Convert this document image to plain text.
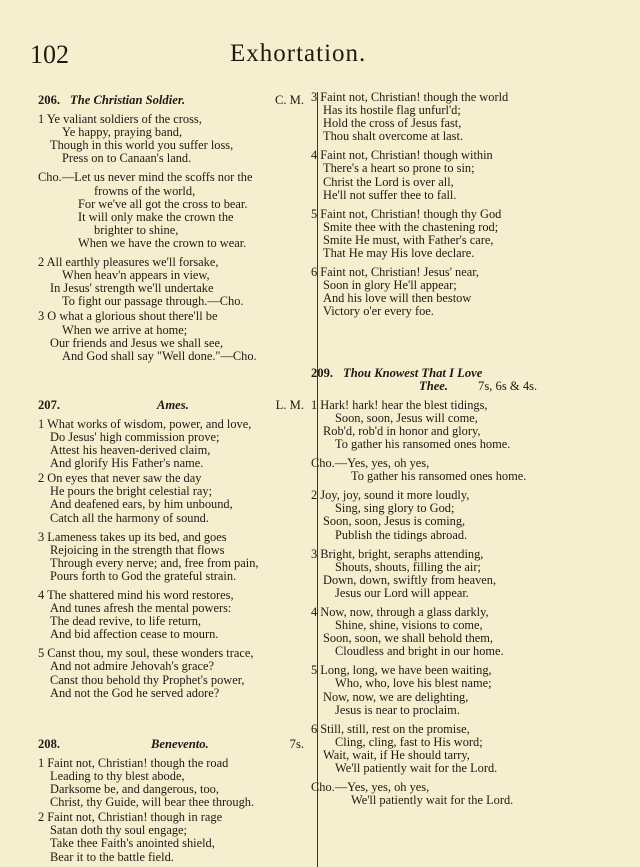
102	Exhortation.
206. The Christian Soldier.	C. M.
1 Ye valiant soldiers of the cross,
Ye happy, praying band,
Though in this world you suffer loss,
Press on to Canaan's land.
Cho.—Let us never mind the scoffs nor the
frowns of the world,
For we've all got the cross to bear.
It will only make the crown the
brighter to shine,
When we have the crown to wear.
2 All earthly pleasures we'll forsake,
When heav'n appears in view,
In Jesus' strength we'll undertake
To fight our passage through.—Cho.
3 O what a glorious shout there'll be
When we arrive at home;
Our friends and Jesus we shall see,
And God shall say "Well done."—Cho.
207.	Ames.	L. M.
1 What works of wisdom, power, and love,
Do Jesus' high commission prove;
Attest his heaven-derived claim,
And glorify His Father's name.
2 On eyes that never saw the day
He pours the bright celestial ray;
And deafened ears, by him unbound,
Catch all the harmony of sound.
3 Lameness takes up its bed, and goes
Rejoicing in the strength that flows
Through every nerve; and, free from pain,
Pours forth to God the grateful strain.
4 The shattered mind his word restores,
And tunes afresh the mental powers:
The dead revive, to life return,
And bid affection cease to mourn.
5 Canst thou, my soul, these wonders trace,
And not admire Jehovah's grace?
Canst thou behold thy Prophet's power,
And not the God he served adore?
208.	Benevento.	7s.
1 Faint not, Christian! though the road
Leading to thy blest abode,
Darksome be, and dangerous, too,
Christ, thy Guide, will bear thee through.
2 Faint not, Christian! though in rage
Satan doth thy soul engage;
Take thee Faith's anointed shield,
Bear it to the battle field.
3 Faint not, Christian! though the world
Has its hostile flag unfurl'd;
Hold the cross of Jesus fast,
Thou shalt overcome at last.
4 Faint not, Christian! though within
There's a heart so prone to sin;
Christ the Lord is over all,
He'll not suffer thee to fall.
5 Faint not, Christian! though thy God
Smite thee with the chastening rod;
Smite He must, with Father's care,
That He may His love declare.
6 Faint not, Christian! Jesus' near,
Soon in glory He'll appear;
And his love will then bestow
Victory o'er every foe.
209. Thou Knowest That I Love
Thee. 7s, 6s & 4s.
1 Hark! hark! hear the blest tidings,
Soon, soon, Jesus will come,
Rob'd, rob'd in honor and glory,
To gather his ransomed ones home.
Cho.—Yes, yes, oh yes,
To gather his ransomed ones home.
2 Joy, joy, sound it more loudly,
Sing, sing glory to God;
Soon, soon, Jesus is coming,
Publish the tidings abroad.
3 Bright, bright, seraphs attending,
Shouts, shouts, filling the air;
Down, down, swiftly from heaven,
Jesus our Lord will appear.
4 Now, now, through a glass darkly,
Shine, shine, visions to come,
Soon, soon, we shall behold them,
Cloudless and bright in our home.
5 Long, long, we have been waiting,
Who, who, love his blest name;
Now, now, we are delighting,
Jesus is near to proclaim.
6 Still, still, rest on the promise,
Cling, cling, fast to His word;
Wait, wait, if He should tarry,
We'll patiently wait for the Lord.
Cho.—Yes, yes, oh yes,
We'll patiently wait for the Lord.
